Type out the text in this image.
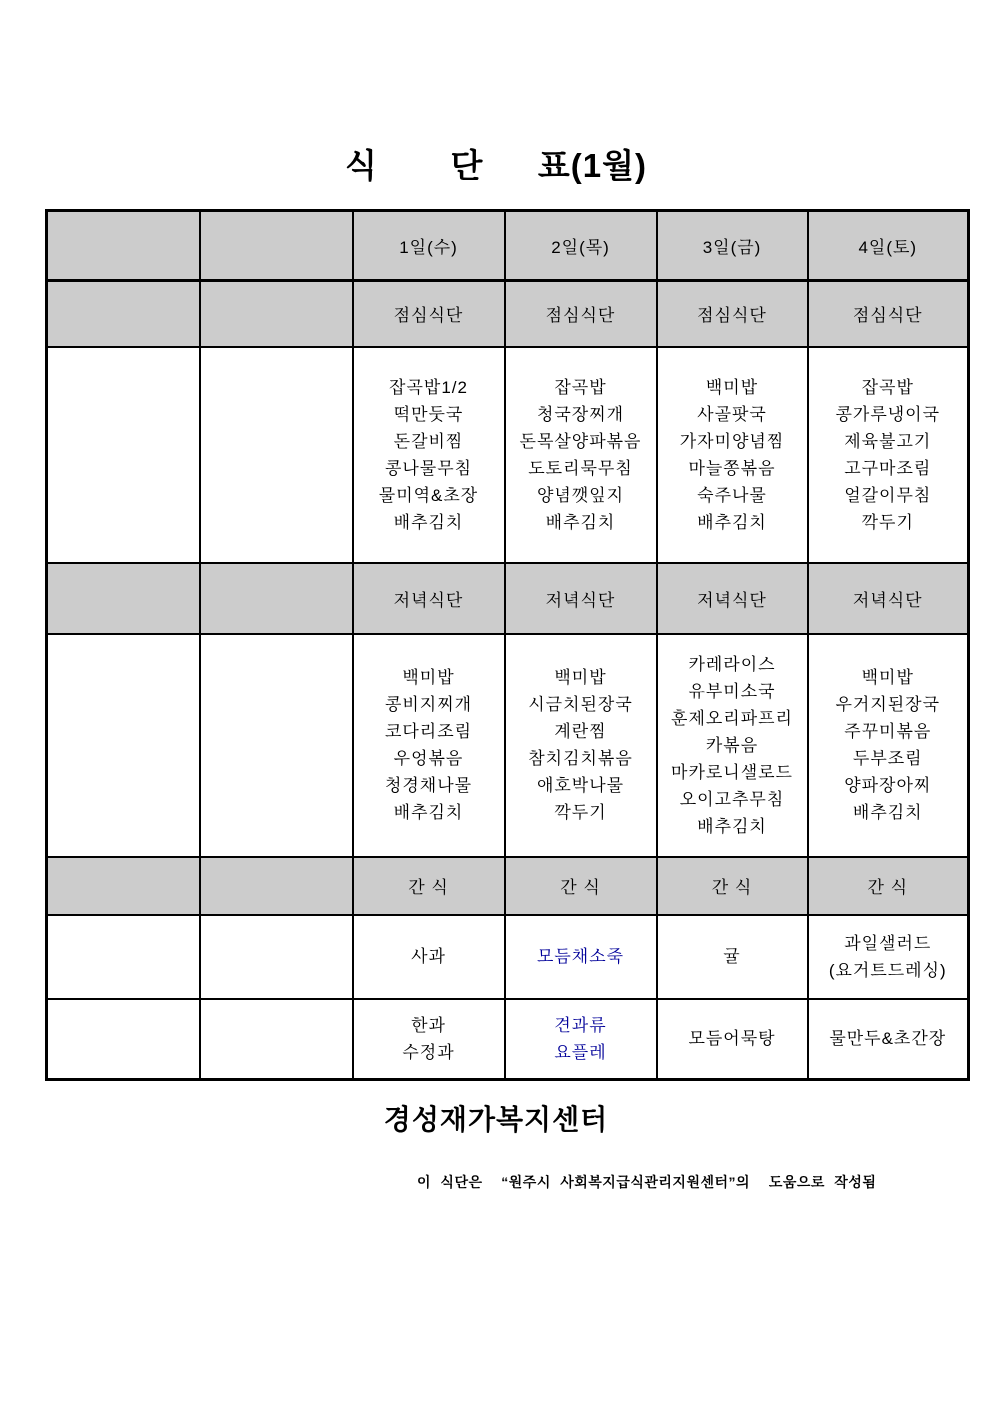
식    단   표(1월)
		1일(수)	2일(목)	3일(금)	4일(토)
		점심식단	점심식단	점심식단	점심식단
		잡곡밥1/2
떡만둣국
돈갈비찜
콩나물무침
물미역&초장
배추김치	잡곡밥
청국장찌개
돈목살양파볶음
도토리묵무침
양념깻잎지
배추김치	백미밥
사골팟국
가자미양념찜
마늘쫑볶음
숙주나물
배추김치	잡곡밥
콩가루냉이국
제육불고기
고구마조림
얼갈이무침
깍두기
		저녁식단	저녁식단	저녁식단	저녁식단
		백미밥
콩비지찌개
코다리조림
우엉볶음
청경채나물
배추김치	백미밥
시금치된장국
계란찜
참치김치볶음
애호박나물
깍두기	카레라이스
유부미소국
훈제오리파프리
카볶음
마카로니샐로드
오이고추무침
배추김치	백미밥
우거지된장국
주꾸미볶음
두부조림
양파장아찌
배추김치
		간 식	간 식	간 식	간 식
		사과	모듬채소죽	귤	과일샐러드
(요거트드레싱)
		한과
수정과	견과류
요플레	모듬어묵탕	물만두&초간장
경성재가복지센터
이 식단은  “원주시 사회복지급식관리지원센터”의  도움으로 작성됨
